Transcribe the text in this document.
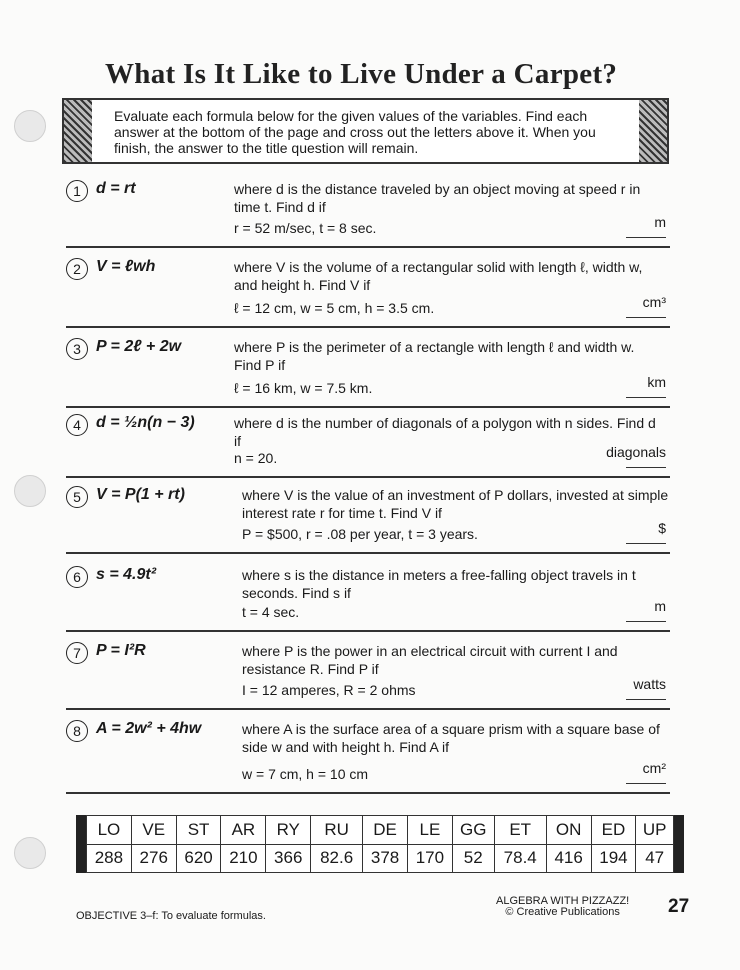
What Is It Like to Live Under a Carpet?

Evaluate each formula below for the given values of the variables. Find each answer at the bottom of the page and cross out the letters above it. When you finish, the answer to the title question will remain.

1 d = rt	where d is the distance traveled by an object moving at speed r in time t. Find d if
r = 52 m/sec, t = 8 sec.	m
2 V = ℓwh	where V is the volume of a rectangular solid with length ℓ, width w, and height h. Find V if
ℓ = 12 cm, w = 5 cm, h = 3.5 cm.	cm³
3 P = 2ℓ + 2w	where P is the perimeter of a rectangle with length ℓ and width w. Find P if
ℓ = 16 km, w = 7.5 km.	km
4 d = ½n(n − 3)	where d is the number of diagonals of a polygon with n sides. Find d if
n = 20.	diagonals
5 V = P(1 + rt)	where V is the value of an investment of P dollars, invested at simple interest rate r for time t. Find V if
P = $500, r = .08 per year, t = 3 years.	$
6 s = 4.9t²	where s is the distance in meters a free-falling object travels in t seconds. Find s if
t = 4 sec.	m
7 P = I²R	where P is the power in an electrical circuit with current I and resistance R. Find P if
I = 12 amperes, R = 2 ohms	watts
8 A = 2w² + 4hw	where A is the surface area of a square prism with a square base of side w and with height h. Find A if
w = 7 cm, h = 10 cm	cm²
LO	VE	ST	AR	RY	RU	DE	LE	GG	ET	ON	ED	UP
288	276	620	210	366	82.6	378	170	52	78.4	416	194	47
OBJECTIVE 3–f: To evaluate formulas.
ALGEBRA WITH PIZZAZZ!
© Creative Publications	27
